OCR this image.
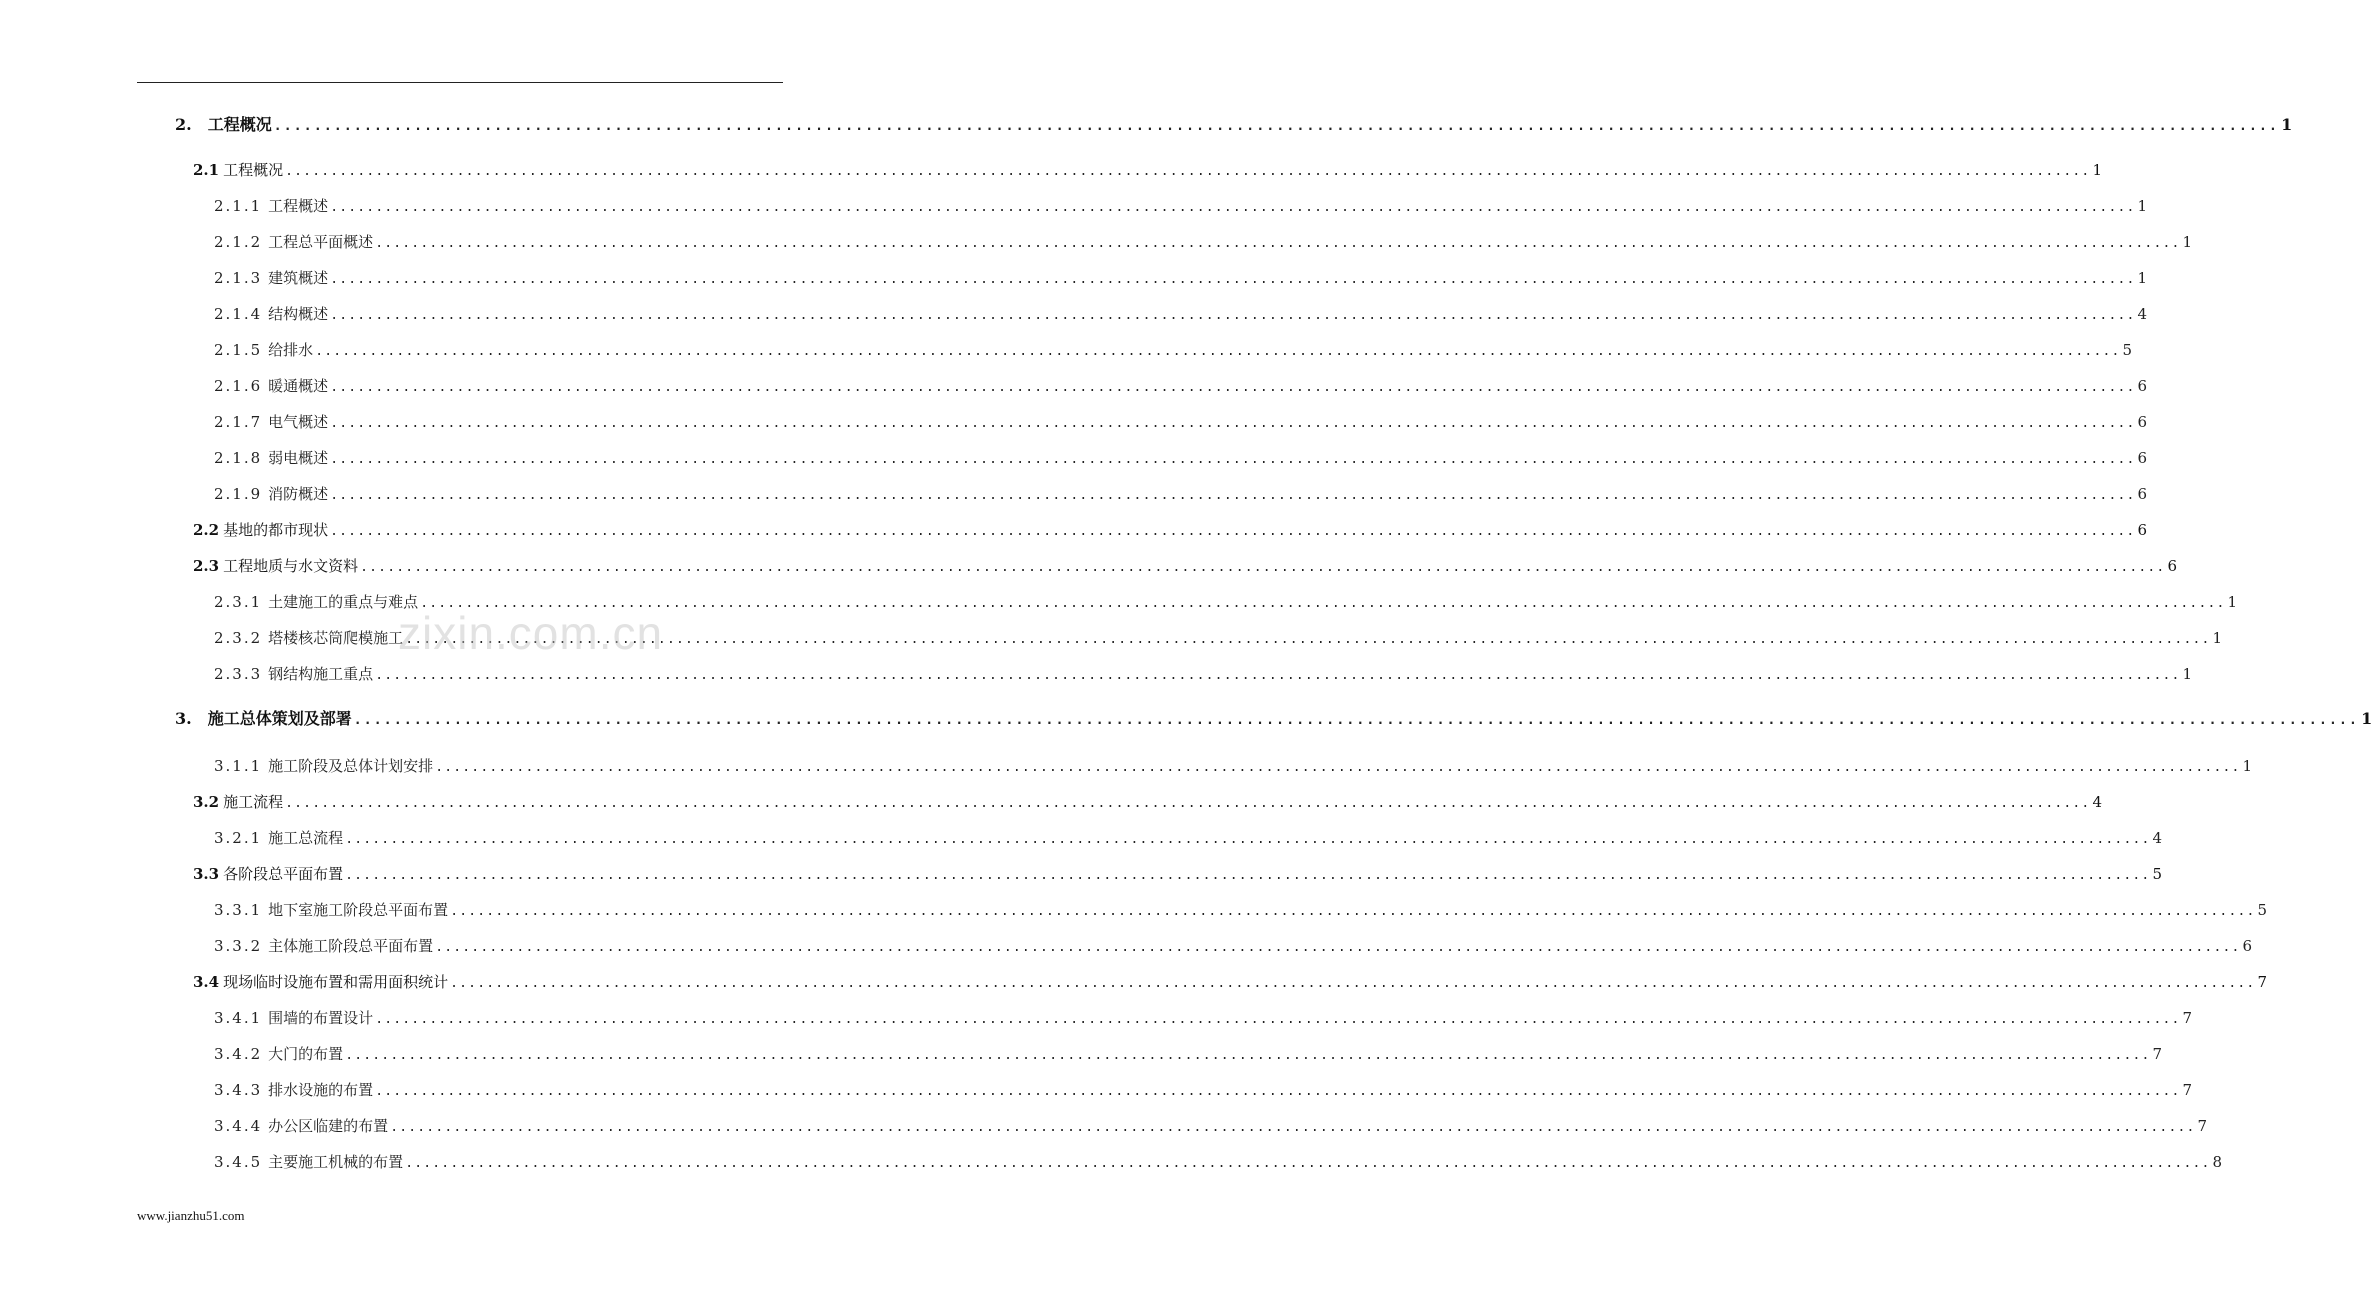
2. 工程概况 ........................................................................................................................................................................................................ 1
2.1 工程概况 ........................................................................................................................................................................................................ 1
2.1.1 工程概述 ........................................................................................................................................................................................................ 1
2.1.2 工程总平面概述 ........................................................................................................................................................................................................ 1
2.1.3 建筑概述 ........................................................................................................................................................................................................ 1
2.1.4 结构概述 ........................................................................................................................................................................................................ 4
2.1.5 给排水 ........................................................................................................................................................................................................ 5
2.1.6 暖通概述 ........................................................................................................................................................................................................ 6
2.1.7 电气概述 ........................................................................................................................................................................................................ 6
2.1.8 弱电概述 ........................................................................................................................................................................................................ 6
2.1.9 消防概述 ........................................................................................................................................................................................................ 6
2.2 基地的都市现状 ........................................................................................................................................................................................................ 6
2.3 工程地质与水文资料 ........................................................................................................................................................................................................ 6
2.3.1 土建施工的重点与难点 ........................................................................................................................................................................................................ 1
2.3.2 塔楼核芯筒爬模施工 ........................................................................................................................................................................................................ 1
2.3.3 钢结构施工重点 ........................................................................................................................................................................................................ 1
3. 施工总体策划及部署 ........................................................................................................................................................................................................ 1
3.1.1 施工阶段及总体计划安排 ........................................................................................................................................................................................................ 1
3.2 施工流程 ........................................................................................................................................................................................................ 4
3.2.1 施工总流程 ........................................................................................................................................................................................................ 4
3.3 各阶段总平面布置 ........................................................................................................................................................................................................ 5
3.3.1 地下室施工阶段总平面布置 ........................................................................................................................................................................................................ 5
3.3.2 主体施工阶段总平面布置 ........................................................................................................................................................................................................ 6
3.4 现场临时设施布置和需用面积统计 ........................................................................................................................................................................................................ 7
3.4.1 围墙的布置设计 ........................................................................................................................................................................................................ 7
3.4.2 大门的布置 ........................................................................................................................................................................................................ 7
3.4.3 排水设施的布置 ........................................................................................................................................................................................................ 7
3.4.4 办公区临建的布置 ........................................................................................................................................................................................................ 7
3.4.5 主要施工机械的布置 ........................................................................................................................................................................................................ 8
zixin.com.cn
www.jianzhu51.com
